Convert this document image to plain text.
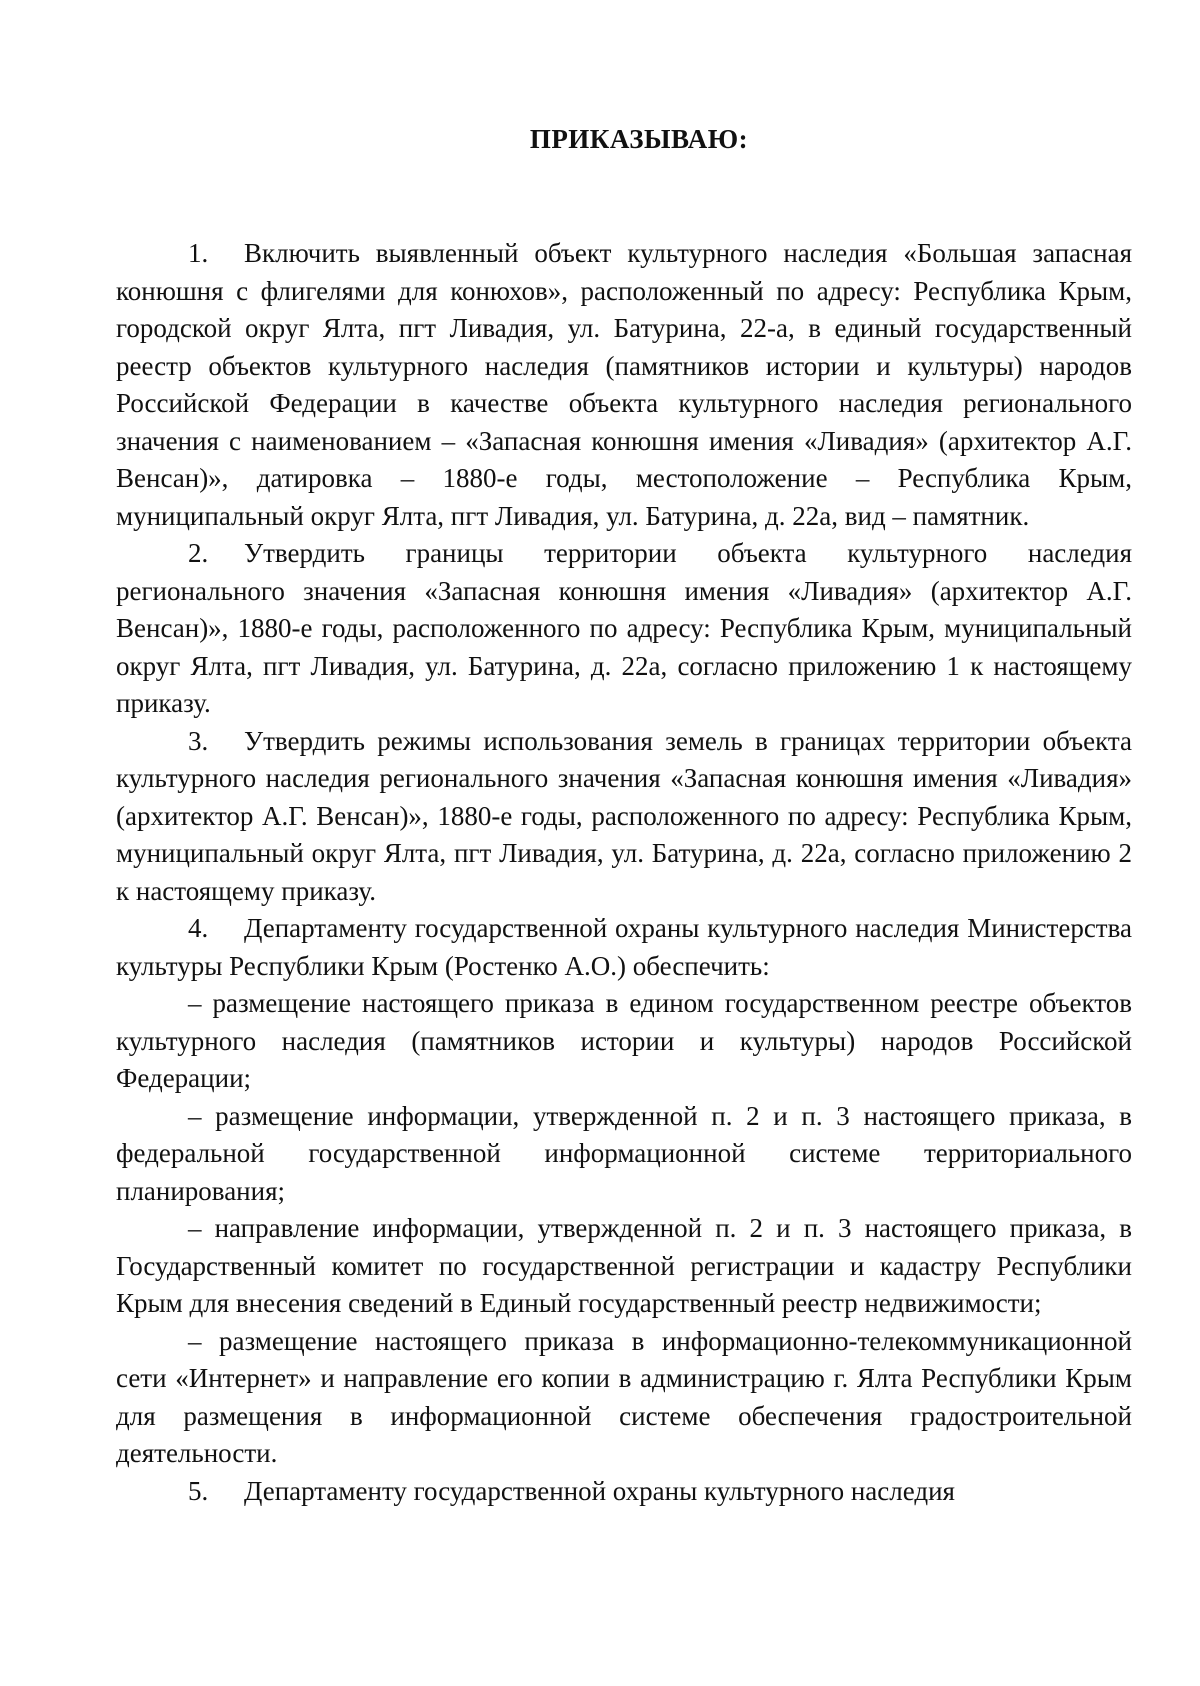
ПРИКАЗЫВАЮ:

1. Включить выявленный объект культурного наследия «Большая запасная конюшня с флигелями для конюхов», расположенный по адресу: Республика Крым, городской округ Ялта, пгт Ливадия, ул. Батурина, 22-а, в единый государственный реестр объектов культурного наследия (памятников истории и культуры) народов Российской Федерации в качестве объекта культурного наследия регионального значения с наименованием – «Запасная конюшня имения «Ливадия» (архитектор А.Г. Венсан)», датировка – 1880-е годы, местоположение – Республика Крым, муниципальный округ Ялта, пгт Ливадия, ул. Батурина, д. 22а, вид – памятник.

2. Утвердить границы территории объекта культурного наследия регионального значения «Запасная конюшня имения «Ливадия» (архитектор А.Г. Венсан)», 1880-е годы, расположенного по адресу: Республика Крым, муниципальный округ Ялта, пгт Ливадия, ул. Батурина, д. 22а, согласно приложению 1 к настоящему приказу.

3. Утвердить режимы использования земель в границах территории объекта культурного наследия регионального значения «Запасная конюшня имения «Ливадия» (архитектор А.Г. Венсан)», 1880-е годы, расположенного по адресу: Республика Крым, муниципальный округ Ялта, пгт Ливадия, ул. Батурина, д. 22а, согласно приложению 2 к настоящему приказу.

4. Департаменту государственной охраны культурного наследия Министерства культуры Республики Крым (Ростенко А.О.) обеспечить:

– размещение настоящего приказа в едином государственном реестре объектов культурного наследия (памятников истории и культуры) народов Российской Федерации;

– размещение информации, утвержденной п. 2 и п. 3 настоящего приказа, в федеральной государственной информационной системе территориального планирования;

– направление информации, утвержденной п. 2 и п. 3 настоящего приказа, в Государственный комитет по государственной регистрации и кадастру Республики Крым для внесения сведений в Единый государственный реестр недвижимости;

– размещение настоящего приказа в информационно-телекоммуникационной сети «Интернет» и направление его копии в администрацию г. Ялта Республики Крым для размещения в информационной системе обеспечения градостроительной деятельности.

5. Департаменту государственной охраны культурного наследия
